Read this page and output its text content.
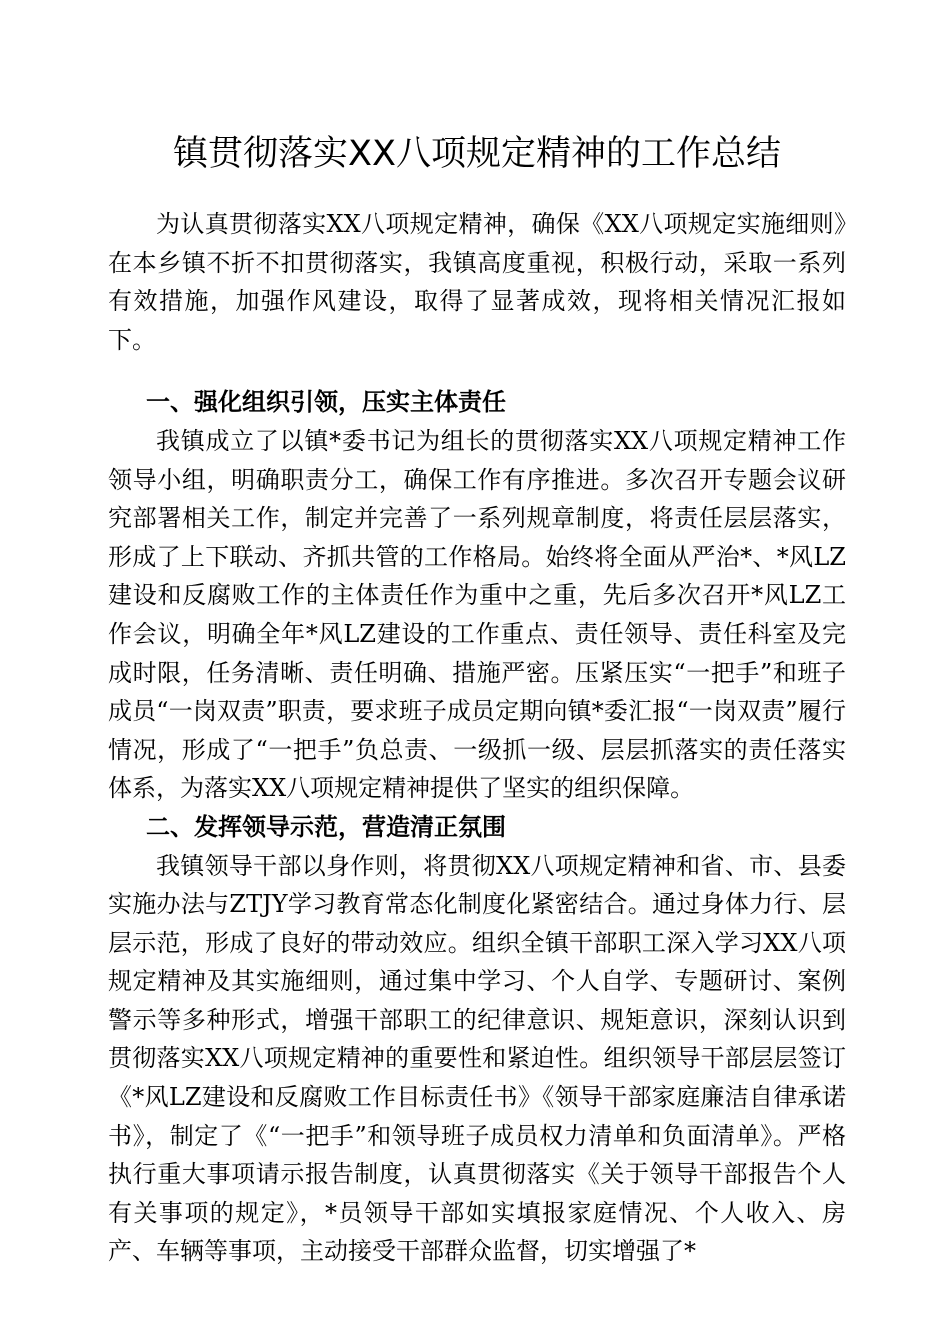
镇贯彻落实XX八项规定精神的工作总结

为认真贯彻落实XX八项规定精神，确保《XX八项规定实施细则》在本乡镇不折不扣贯彻落实，我镇高度重视，积极行动，采取一系列有效措施，加强作风建设，取得了显著成效，现将相关情况汇报如下。

一、强化组织引领，压实主体责任

我镇成立了以镇*委书记为组长的贯彻落实XX八项规定精神工作领导小组，明确职责分工，确保工作有序推进。多次召开专题会议研究部署相关工作，制定并完善了一系列规章制度，将责任层层落实，形成了上下联动、齐抓共管的工作格局。始终将全面从严治*、*风LZ建设和反腐败工作的主体责任作为重中之重，先后多次召开*风LZ工作会议，明确全年*风LZ建设的工作重点、责任领导、责任科室及完成时限，任务清晰、责任明确、措施严密。压紧压实“一把手”和班子成员“一岗双责”职责，要求班子成员定期向镇*委汇报“一岗双责”履行情况，形成了“一把手”负总责、一级抓一级、层层抓落实的责任落实体系，为落实XX八项规定精神提供了坚实的组织保障。

二、发挥领导示范，营造清正氛围

我镇领导干部以身作则，将贯彻XX八项规定精神和省、市、县委实施办法与ZTJY学习教育常态化制度化紧密结合。通过身体力行、层层示范，形成了良好的带动效应。组织全镇干部职工深入学习XX八项规定精神及其实施细则，通过集中学习、个人自学、专题研讨、案例警示等多种形式，增强干部职工的纪律意识、规矩意识，深刻认识到贯彻落实XX八项规定精神的重要性和紧迫性。组织领导干部层层签订《*风LZ建设和反腐败工作目标责任书》《领导干部家庭廉洁自律承诺书》，制定了《“一把手”和领导班子成员权力清单和负面清单》。严格执行重大事项请示报告制度，认真贯彻落实《关于领导干部报告个人有关事项的规定》，*员领导干部如实填报家庭情况、个人收入、房产、车辆等事项，主动接受干部群众监督，切实增强了*
